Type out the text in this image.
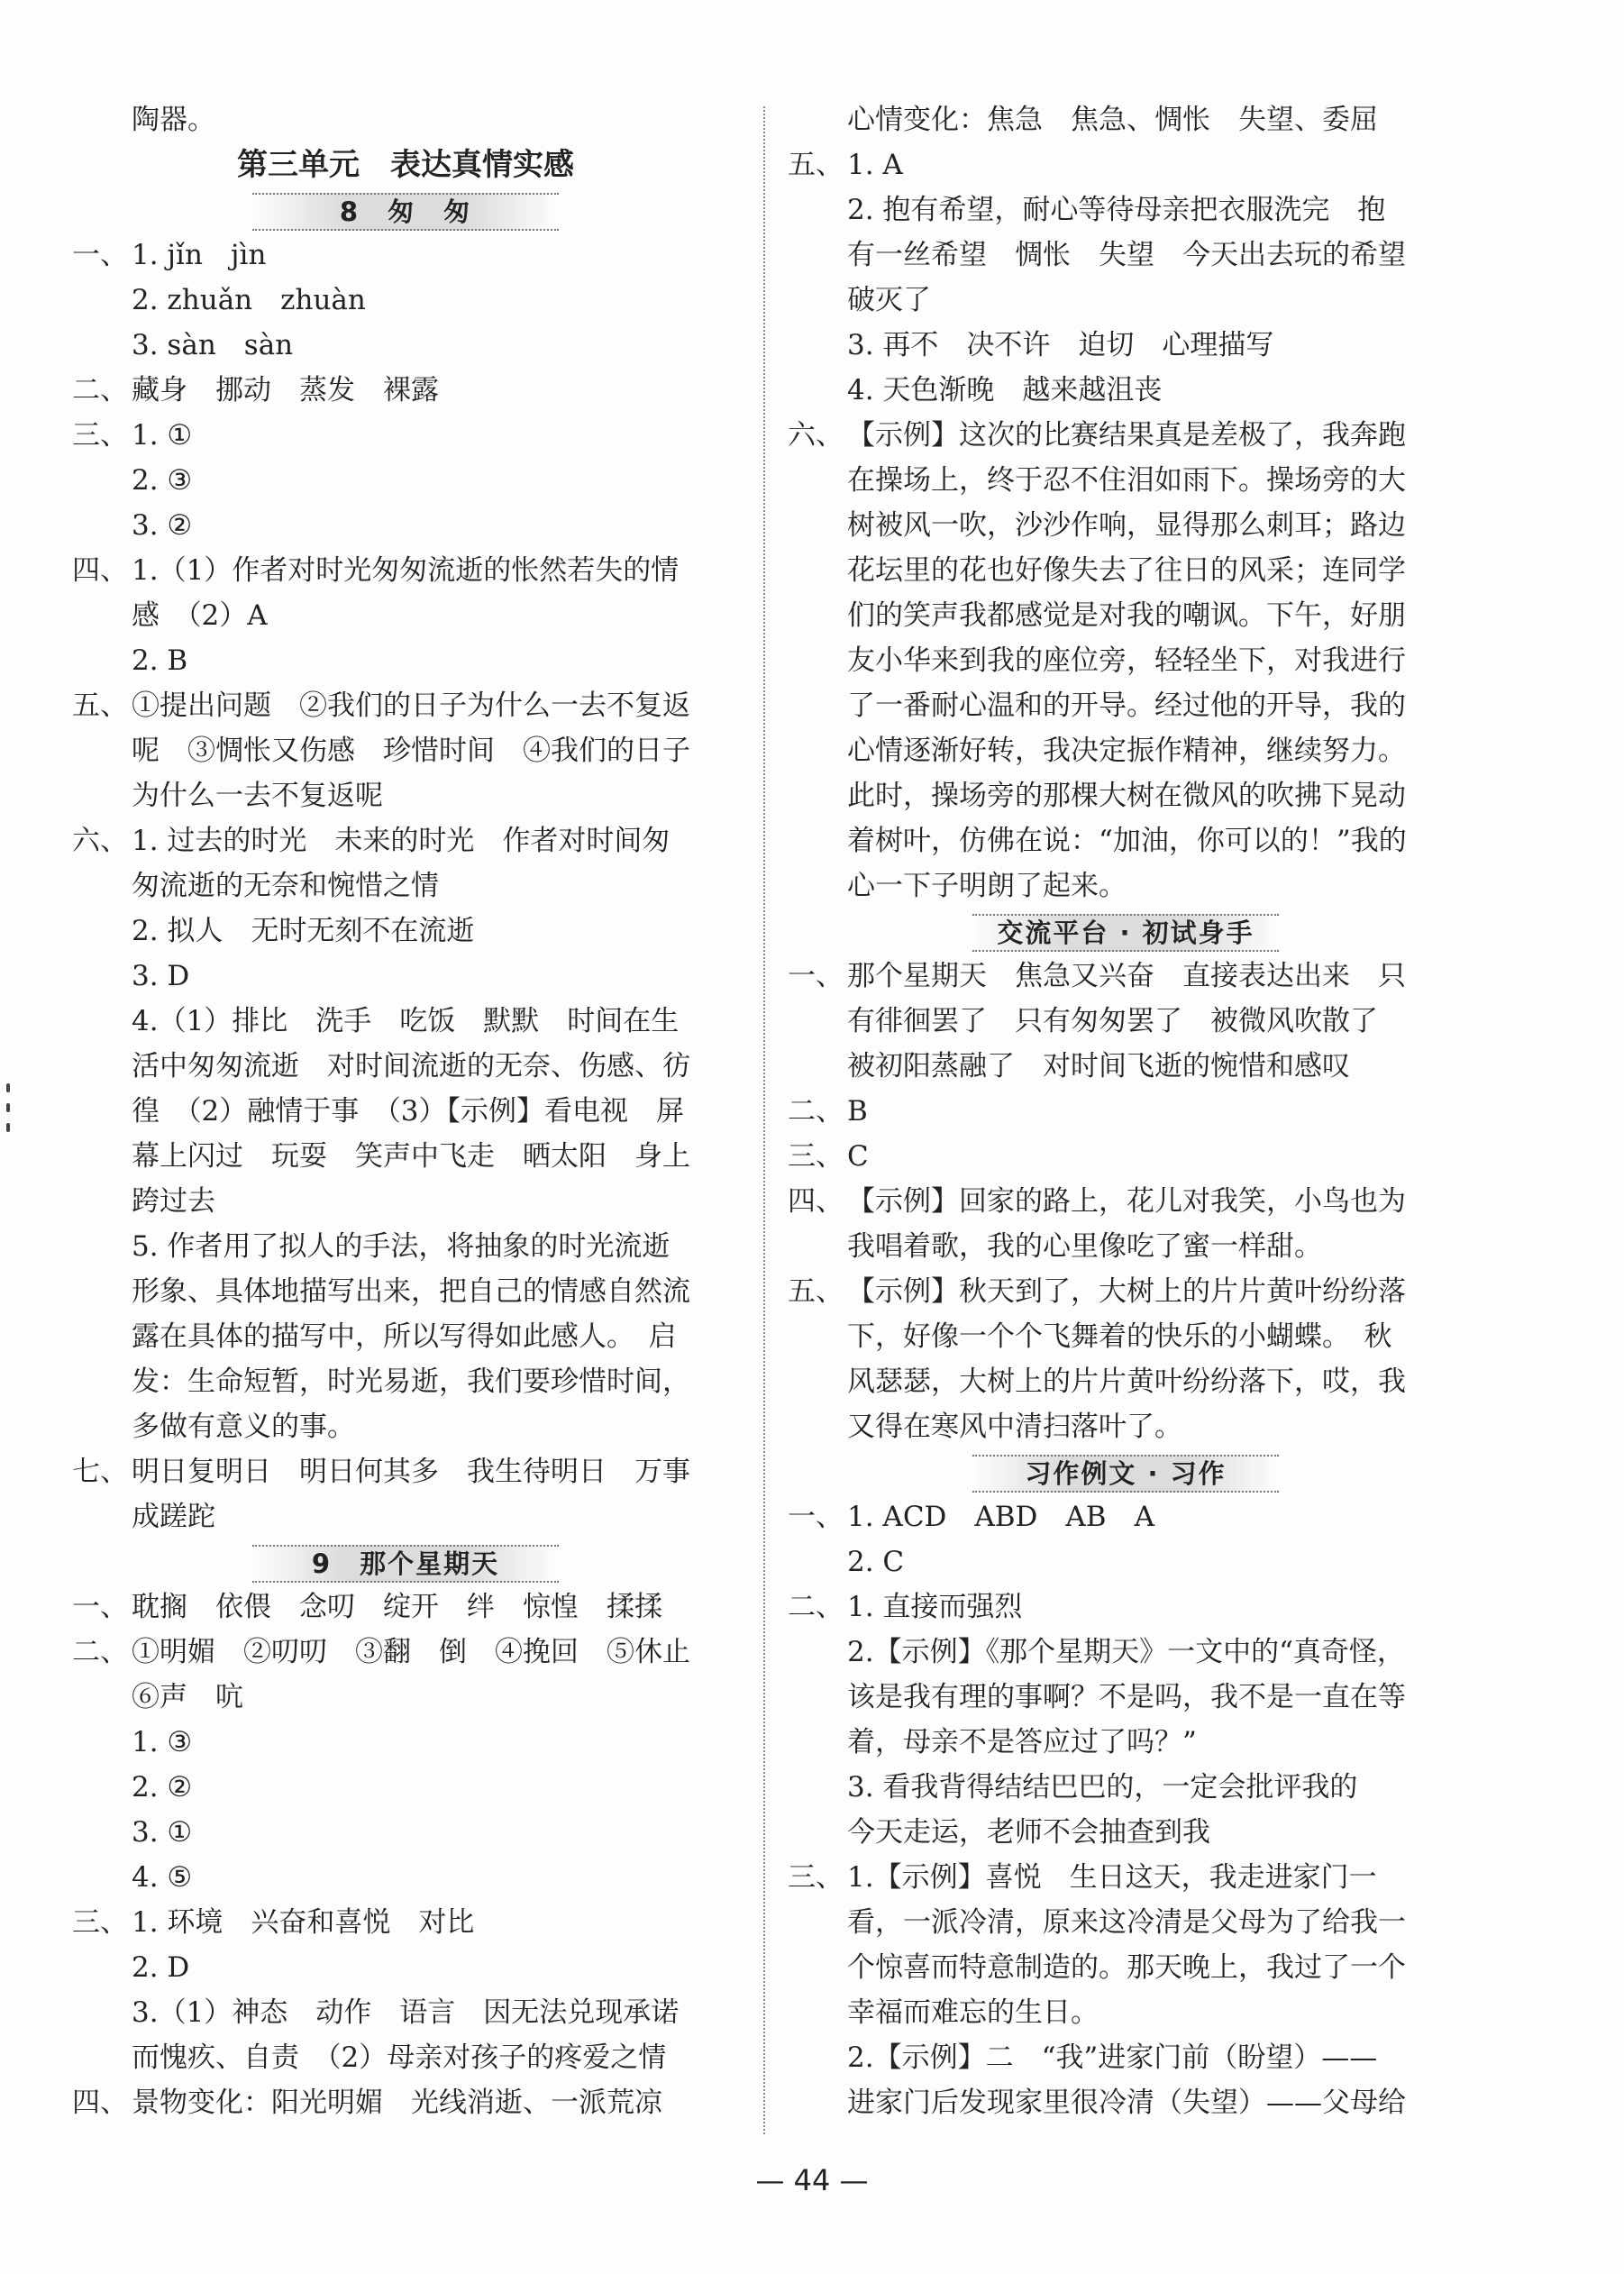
陶器。
第三单元　表达真情实感
8　匆　匆
一、 1. jǐn　jìn
2. zhuǎn　zhuàn
3. sàn　sàn
二、 藏身　挪动　蒸发　裸露
三、 1. ①
2. ③
3. ②
四、 1.（1）作者对时光匆匆流逝的怅然若失的情
感　（2）A
2. B
五、 ①提出问题　②我们的日子为什么一去不复返
呢　③惆怅又伤感　珍惜时间　④我们的日子
为什么一去不复返呢
六、 1. 过去的时光　未来的时光　作者对时间匆
匆流逝的无奈和惋惜之情
2. 拟人　无时无刻不在流逝
3. D
4.（1）排比　洗手　吃饭　默默　时间在生
活中匆匆流逝　对时间流逝的无奈、伤感、彷
徨　（2）融情于事　（3）【示例】看电视　屏
幕上闪过　玩耍　笑声中飞走　晒太阳　身上
跨过去
5. 作者用了拟人的手法，将抽象的时光流逝
形象、具体地描写出来，把自己的情感自然流
露在具体的描写中，所以写得如此感人。　启
发：生命短暂，时光易逝，我们要珍惜时间，
多做有意义的事。
七、 明日复明日　明日何其多　我生待明日　万事
成蹉跎
9　那个星期天
一、 耽搁　依偎　念叨　绽开　绊　惊惶　揉揉
二、 ①明媚　②叨叨　③翻　倒　④挽回　⑤休止
⑥声　吭
1. ③
2. ②
3. ①
4. ⑤
三、 1. 环境　兴奋和喜悦　对比
2. D
3.（1）神态　动作　语言　因无法兑现承诺
而愧疚、自责　（2）母亲对孩子的疼爱之情
四、 景物变化：阳光明媚　光线消逝、一派荒凉
心情变化：焦急　焦急、惆怅　失望、委屈
五、 1. A
2. 抱有希望，耐心等待母亲把衣服洗完　抱
有一丝希望　惆怅　失望　今天出去玩的希望
破灭了
3. 再不　决不许　迫切　心理描写
4. 天色渐晚　越来越沮丧
六、 【示例】这次的比赛结果真是差极了，我奔跑
在操场上，终于忍不住泪如雨下。操场旁的大
树被风一吹，沙沙作响，显得那么刺耳；路边
花坛里的花也好像失去了往日的风采；连同学
们的笑声我都感觉是对我的嘲讽。下午，好朋
友小华来到我的座位旁，轻轻坐下，对我进行
了一番耐心温和的开导。经过他的开导，我的
心情逐渐好转，我决定振作精神，继续努力。
此时，操场旁的那棵大树在微风的吹拂下晃动
着树叶，仿佛在说：“加油，你可以的！”我的
心一下子明朗了起来。
交流平台 · 初试身手
一、 那个星期天　焦急又兴奋　直接表达出来　只
有徘徊罢了　只有匆匆罢了　被微风吹散了
被初阳蒸融了　对时间飞逝的惋惜和感叹
二、 B
三、 C
四、 【示例】回家的路上，花儿对我笑，小鸟也为
我唱着歌，我的心里像吃了蜜一样甜。
五、 【示例】秋天到了，大树上的片片黄叶纷纷落
下，好像一个个飞舞着的快乐的小蝴蝶。　秋
风瑟瑟，大树上的片片黄叶纷纷落下，哎，我
又得在寒风中清扫落叶了。
习作例文 · 习作
一、 1. ACD　ABD　AB　A
2. C
二、 1. 直接而强烈
2.【示例】《那个星期天》一文中的“真奇怪，
该是我有理的事啊？不是吗，我不是一直在等
着，母亲不是答应过了吗？”
3. 看我背得结结巴巴的，一定会批评我的
今天走运，老师不会抽查到我
三、 1.【示例】喜悦　生日这天，我走进家门一
看，一派冷清，原来这冷清是父母为了给我一
个惊喜而特意制造的。那天晚上，我过了一个
幸福而难忘的生日。
2.【示例】二　“我”进家门前（盼望）——
进家门后发现家里很冷清（失望）——父母给
— 44 —
